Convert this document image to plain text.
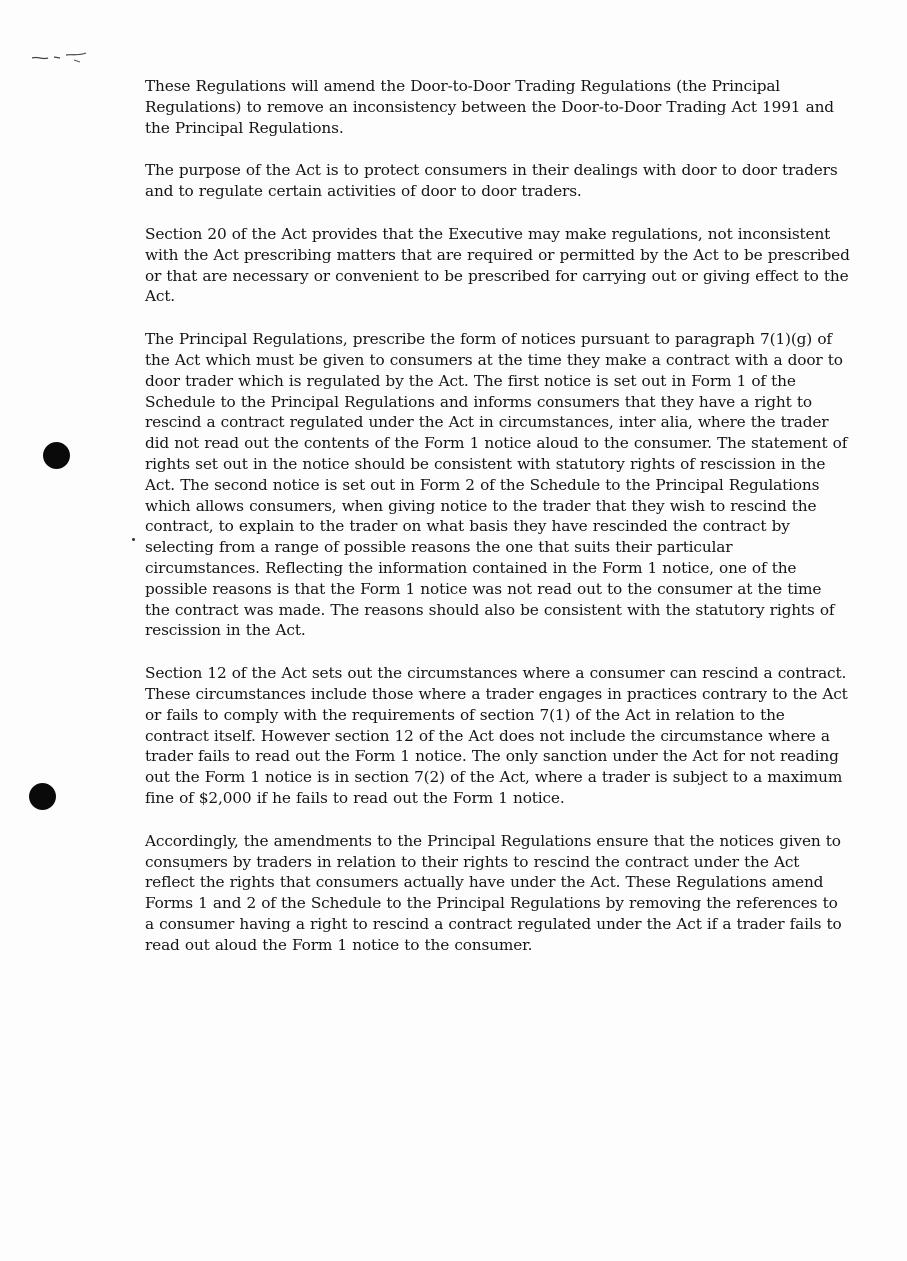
These Regulations will amend the Door-to-Door Trading Regulations (the Principal Regulations) to remove an inconsistency between the Door-to-Door Trading Act 1991 and the Principal Regulations.

The purpose of the Act is to protect consumers in their dealings with door to door traders and to regulate certain activities of door to door traders.

Section 20 of the Act provides that the Executive may make regulations, not inconsistent with the Act prescribing matters that are required or permitted by the Act to be prescribed or that are necessary or convenient to be prescribed for carrying out or giving effect to the Act.

The Principal Regulations, prescribe the form of notices pursuant to paragraph 7(1)(g) of the Act which must be given to consumers at the time they make a contract with a door to door trader which is regulated by the Act. The first notice is set out in Form 1 of the Schedule to the Principal Regulations and informs consumers that they have a right to rescind a contract regulated under the Act in circumstances, inter alia, where the trader did not read out the contents of the Form 1 notice aloud to the consumer. The statement of rights set out in the notice should be consistent with statutory rights of rescission in the Act. The second notice is set out in Form 2 of the Schedule to the Principal Regulations which allows consumers, when giving notice to the trader that they wish to rescind the contract, to explain to the trader on what basis they have rescinded the contract by selecting from a range of possible reasons the one that suits their particular circumstances. Reflecting the information contained in the Form 1 notice, one of the possible reasons is that the Form 1 notice was not read out to the consumer at the time the contract was made. The reasons should also be consistent with the statutory rights of rescission in the Act.

Section 12 of the Act sets out the circumstances where a consumer can rescind a contract. These circumstances include those where a trader engages in practices contrary to the Act or fails to comply with the requirements of section 7(1) of the Act in relation to the contract itself. However section 12 of the Act does not include the circumstance where a trader fails to read out the Form 1 notice. The only sanction under the Act for not reading out the Form 1 notice is in section 7(2) of the Act, where a trader is subject to a maximum fine of $2,000 if he fails to read out the Form 1 notice.

Accordingly, the amendments to the Principal Regulations ensure that the notices given to consumers by traders in relation to their rights to rescind the contract under the Act reflect the rights that consumers actually have under the Act. These Regulations amend Forms 1 and 2 of the Schedule to the Principal Regulations by removing the references to a consumer having a right to rescind a contract regulated under the Act if a trader fails to read out aloud the Form 1 notice to the consumer.
